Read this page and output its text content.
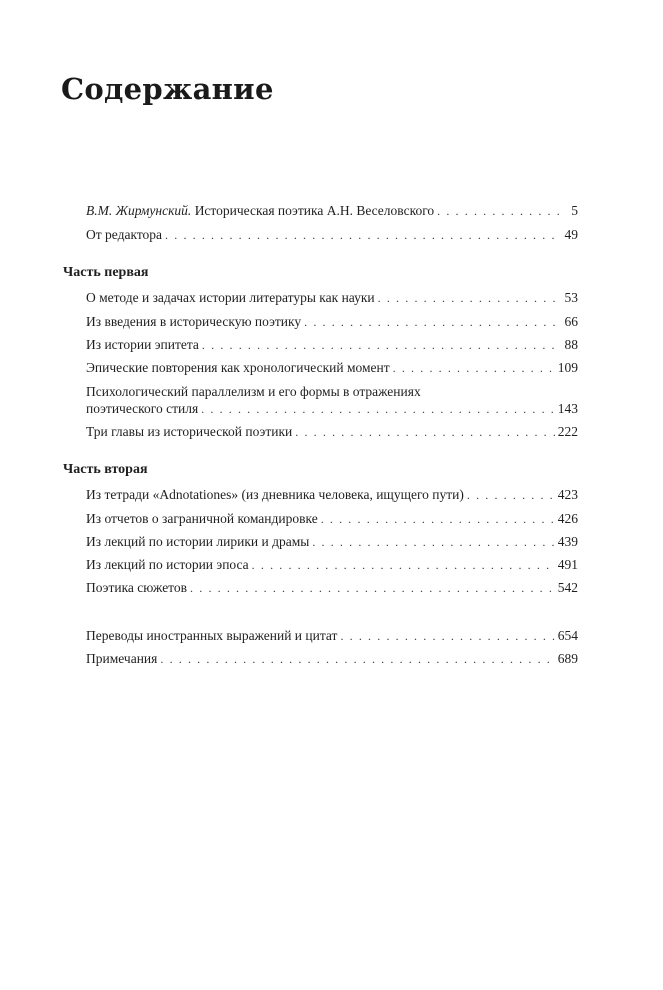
Содержание
В.М. Жирмунский. Историческая поэтика А.Н. Веселовского . . .	5
От редактора . . .	49
Часть первая
О методе и задачах истории литературы как науки . . .	53
Из введения в историческую поэтику . . .	66
Из истории эпитета . . .	88
Эпические повторения как хронологический момент . . .	109
Психологический параллелизм и его формы в отражениях
поэтического стиля . . .	143
Три главы из исторической поэтики . . .	222
Часть вторая
Из тетради «Adnotationes» (из дневника человека, ищущего пути) . . .	423
Из отчетов о заграничной командировке . . .	426
Из лекций по истории лирики и драмы . . .	439
Из лекций по истории эпоса . . .	491
Поэтика сюжетов . . .	542
Переводы иностранных выражений и цитат . . .	654
Примечания . . .	689
